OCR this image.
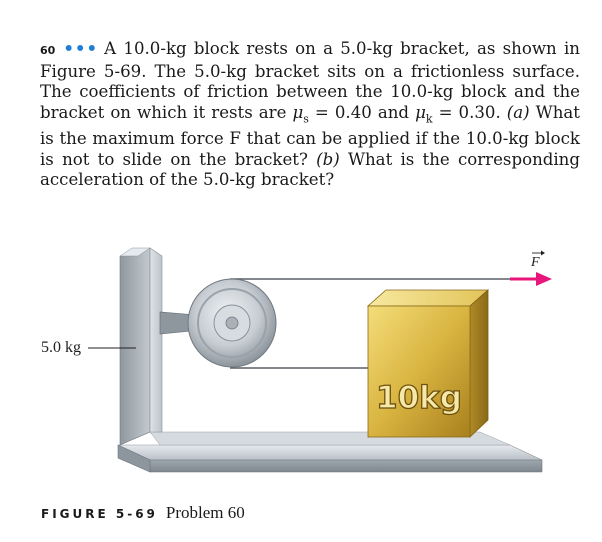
60 ••• A 10.0-kg block rests on a 5.0-kg bracket, as shown in Figure 5-69. The 5.0-kg bracket sits on a frictionless surface. The coefficients of friction between the 10.0-kg block and the bracket on which it rests are $\mu_s = 0.40$ and $\mu_k = 0.30$. (a) What is the maximum force F that can be applied if the 10.0-kg block is not to slide on the bracket? (b) What is the corresponding acceleration of the 5.0-kg bracket?
10kg
5.0 kg
F
FIGURE 5-69 Problem 60
